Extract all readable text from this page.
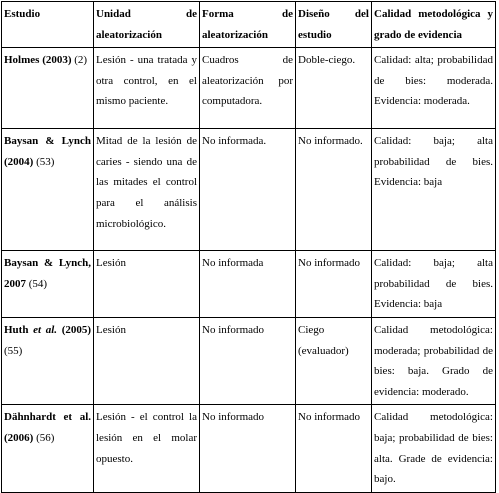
Estudio	Unidad de aleatorización	Forma de aleatorización	Diseño del estudio	Calidad metodológica y grado de evidencia
Holmes (2003) (2)	Lesión - una tratada y otra control, en el mismo paciente.	Cuadros de aleatorización por computadora.	Doble-ciego.	Calidad: alta; probabilidad de bies: moderada. Evidencia: moderada.
Baysan & Lynch (2004) (53)	Mitad de la lesión de caries - siendo una de las mitades el control para el análisis microbiológico.	No informada.	No informado.	Calidad: baja; alta probabilidad de bies. Evidencia: baja
Baysan & Lynch, 2007 (54)	Lesión	No informada	No informado	Calidad: baja; alta probabilidad de bies. Evidencia: baja
Huth et al. (2005) (55)	Lesión	No informado	Ciego (evaluador)	Calidad metodológica: moderada; probabilidad de bies: baja. Grado de evidencia: moderado.
Dähnhardt et al. (2006) (56)	Lesión - el control la lesión en el molar opuesto.	No informado	No informado	Calidad metodológica: baja; probabilidad de bies: alta. Grade de evidencia: bajo.
